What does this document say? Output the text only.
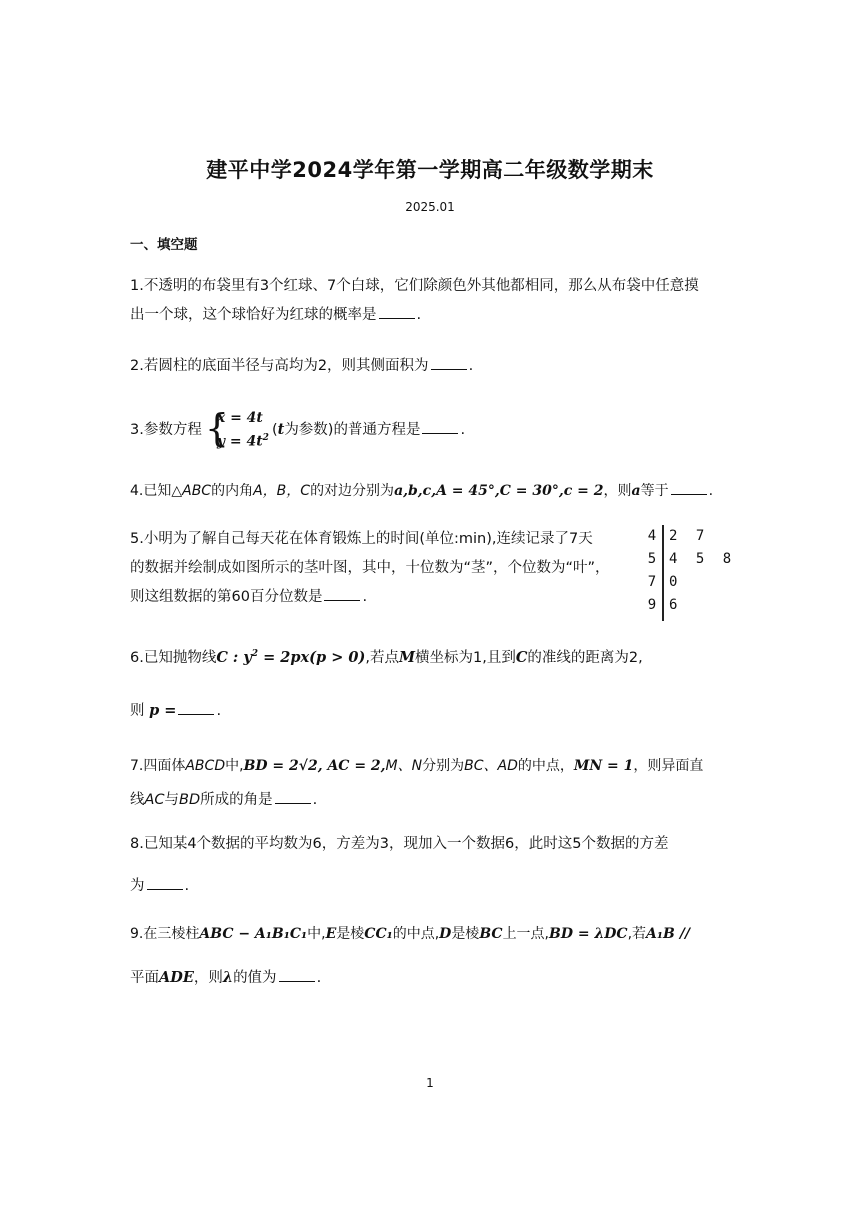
建平中学2024学年第一学期高二年级数学期末
2025.01
一、填空题
1.不透明的布袋里有3个红球、7个白球，它们除颜色外其他都相同，那么从布袋中任意摸
出一个球，这个球恰好为红球的概率是	.
2.若圆柱的底面半径与高均为2，则其侧面积为	.
3.参数方程 {
x = 4t
$y = 4t^2$
(t为参数)的普通方程是	.
4.已知△ABC的内角A，B，C的对边分别为a,b,c,A = 45°,C = 30°,c = 2，则a等于	.
5.小明为了解自己每天花在体育锻炼上的时间(单位:min),连续记录了7天
的数据并绘制成如图所示的茎叶图，其中，十位数为“茎”，个位数为“叶”，
则这组数据的第60百分位数是	.
4 2 7
5 4 5 8
7 0
9 6
6.已知抛物线C : $y^2 = 2px(p > 0)$,若点M横坐标为1,且到C的准线的距离为2,
则 p =	.
7.四面体ABCD中,BD = 2√2, AC = 2,M、N分别为BC、AD的中点，MN = 1，则异面直
线AC与BD所成的角是	.
8.已知某4个数据的平均数为6，方差为3，现加入一个数据6，此时这5个数据的方差
为	.
9.在三棱柱ABC − A₁B₁C₁中,E是棱CC₁的中点,D是棱BC上一点,BD = λDC,若A₁B //
平面ADE，则λ的值为	.
1
